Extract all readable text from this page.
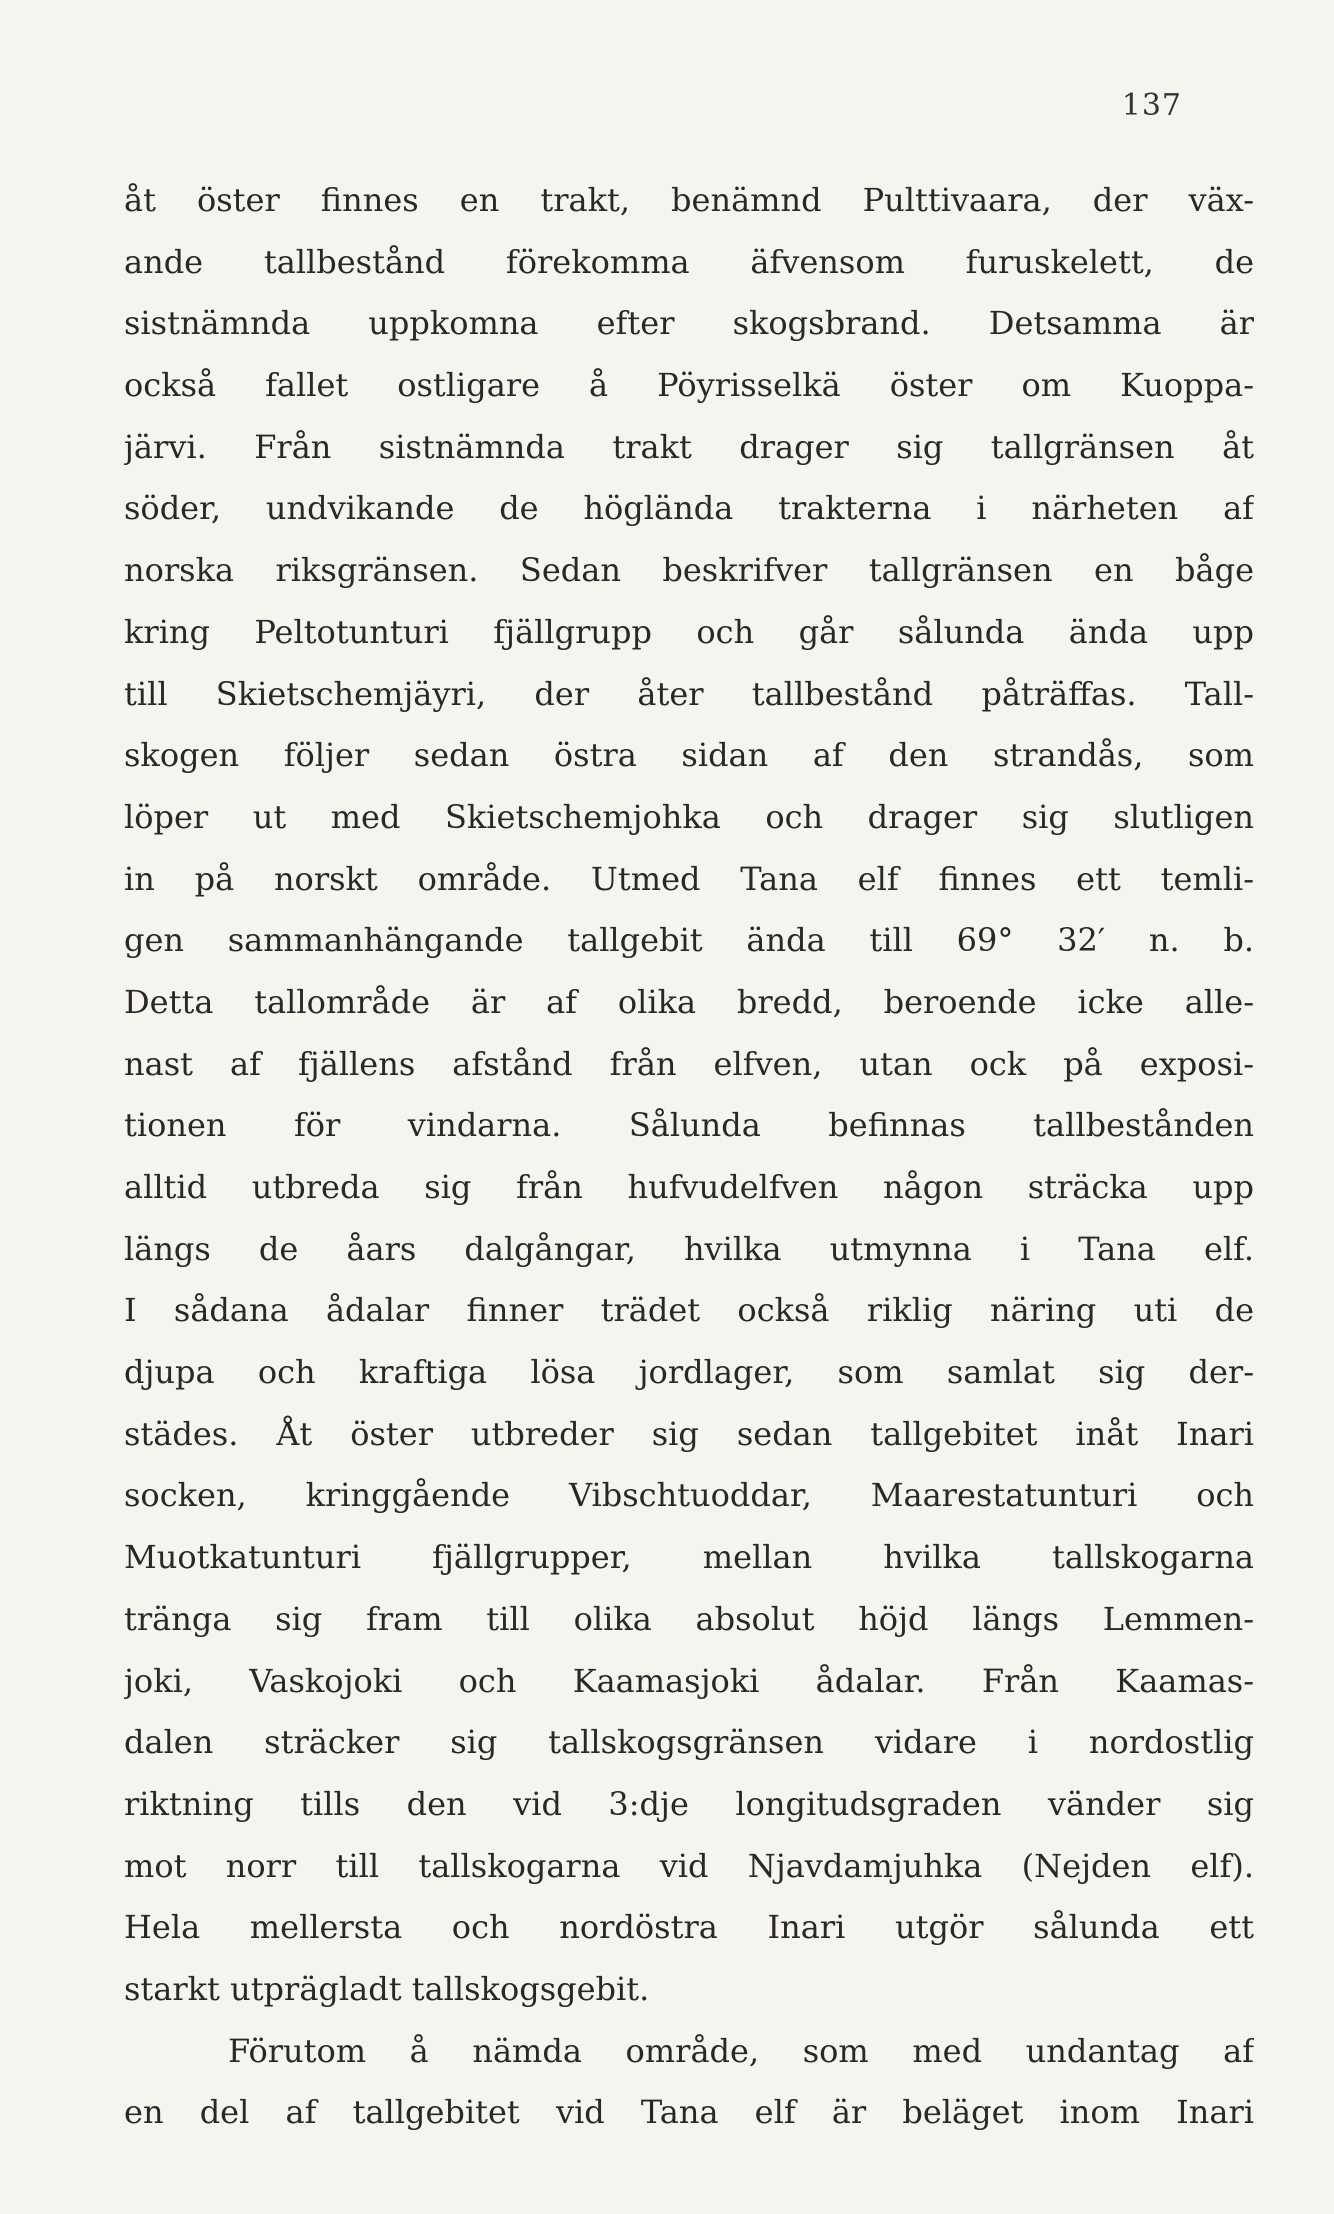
137
åt öster finnes en trakt, benämnd Pulttivaara, der väx-
ande tallbestånd förekomma äfvensom furuskelett, de
sistnämnda uppkomna efter skogsbrand. Detsamma är
också fallet ostligare å Pöyrisselkä öster om Kuoppa-
järvi. Från sistnämnda trakt drager sig tallgränsen åt
söder, undvikande de höglända trakterna i närheten af
norska riksgränsen. Sedan beskrifver tallgränsen en båge
kring Peltotunturi fjällgrupp och går sålunda ända upp
till Skietschemjäyri, der åter tallbestånd påträffas. Tall-
skogen följer sedan östra sidan af den strandås, som
löper ut med Skietschemjohka och drager sig slutligen
in på norskt område. Utmed Tana elf finnes ett temli-
gen sammanhängande tallgebit ända till 69° 32′ n. b.
Detta tallområde är af olika bredd, beroende icke alle-
nast af fjällens afstånd från elfven, utan ock på exposi-
tionen för vindarna. Sålunda befinnas tallbestånden
alltid utbreda sig från hufvudelfven någon sträcka upp
längs de åars dalgångar, hvilka utmynna i Tana elf.
I sådana ådalar finner trädet också riklig näring uti de
djupa och kraftiga lösa jordlager, som samlat sig der-
städes. Åt öster utbreder sig sedan tallgebitet inåt Inari
socken, kringgående Vibschtuoddar, Maarestatunturi och
Muotkatunturi fjällgrupper, mellan hvilka tallskogarna
tränga sig fram till olika absolut höjd längs Lemmen-
joki, Vaskojoki och Kaamasjoki ådalar. Från Kaamas-
dalen sträcker sig tallskogsgränsen vidare i nordostlig
riktning tills den vid 3:dje longitudsgraden vänder sig
mot norr till tallskogarna vid Njavdamjuhka (Nejden elf).
Hela mellersta och nordöstra Inari utgör sålunda ett
starkt utprägladt tallskogsgebit.
Förutom å nämda område, som med undantag af
en del af tallgebitet vid Tana elf är beläget inom Inari
